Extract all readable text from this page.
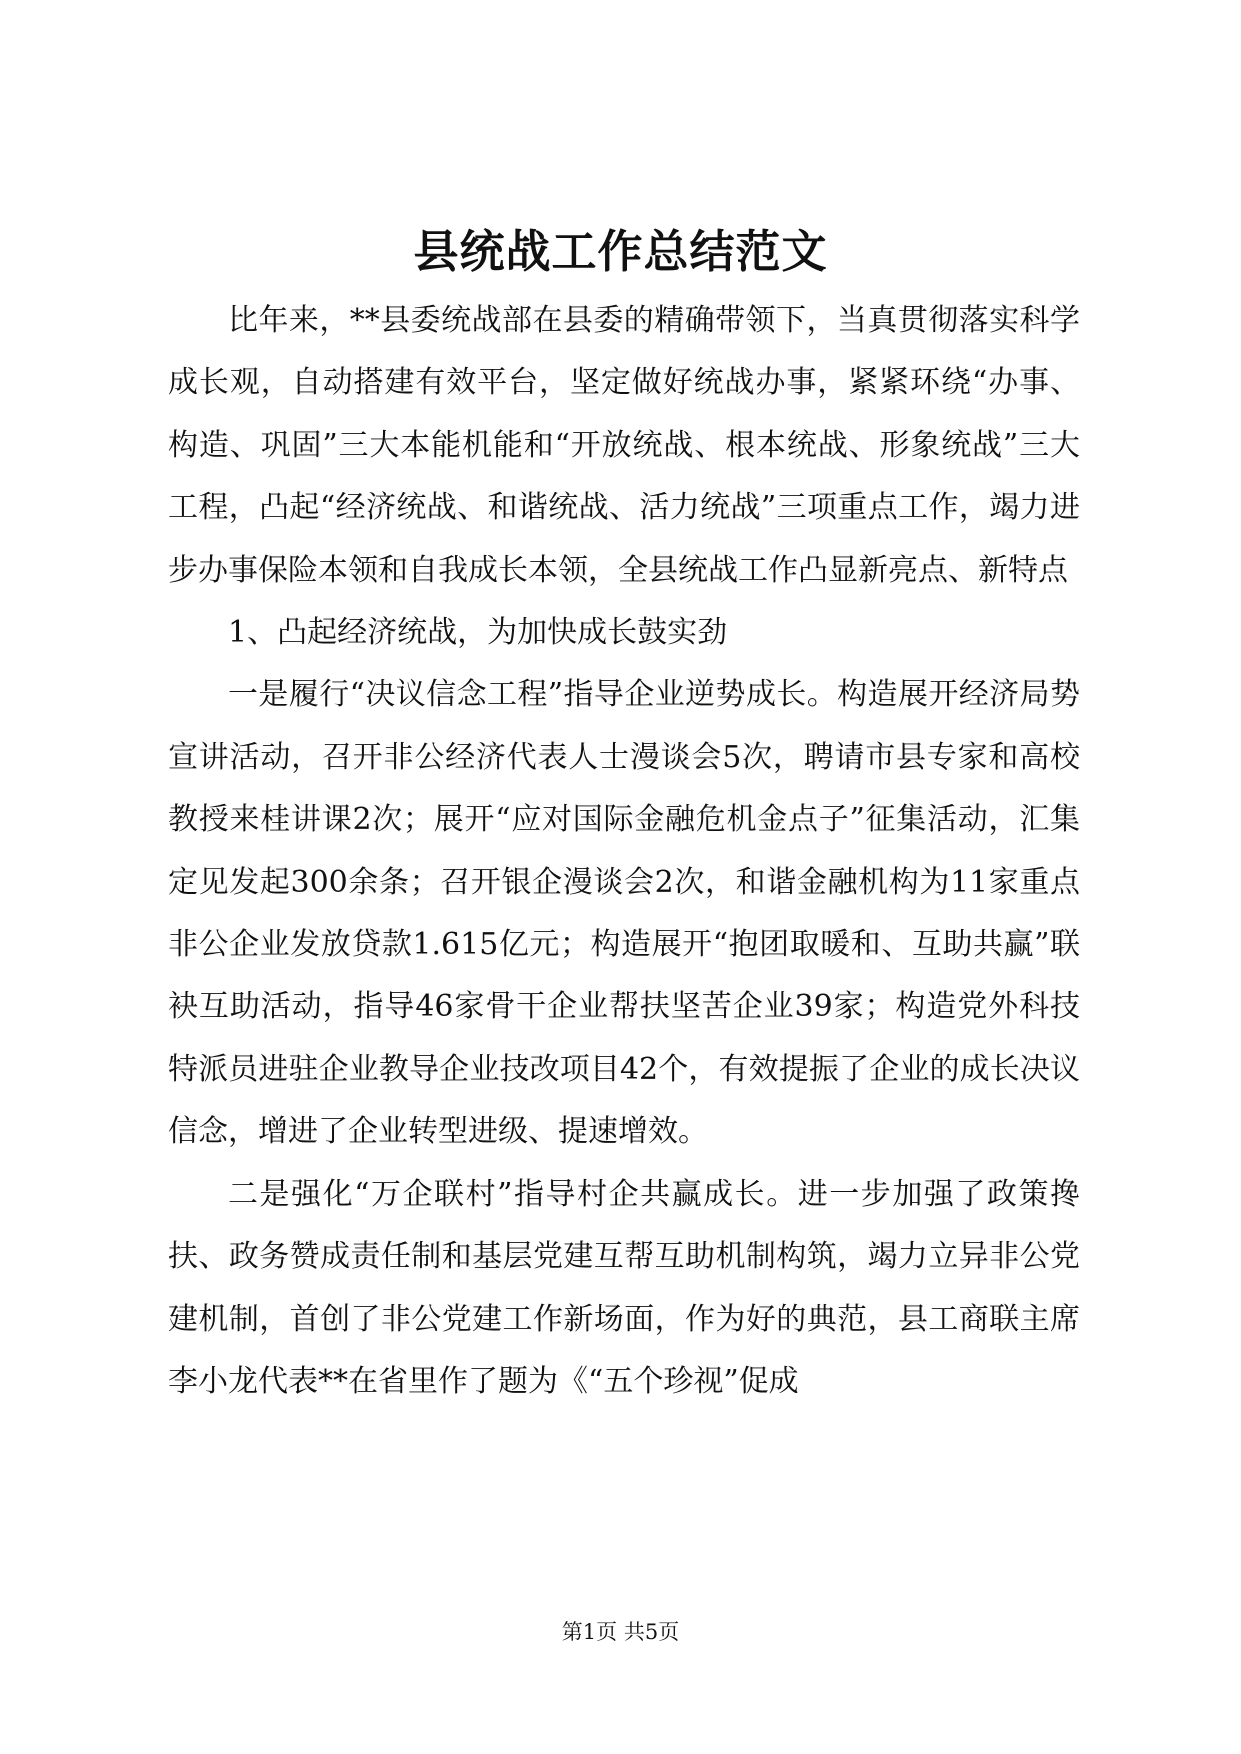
县统战工作总结范文

比年来，**县委统战部在县委的精确带领下，当真贯彻落实科学成长观，自动搭建有效平台，坚定做好统战办事，紧紧环绕“办事、构造、巩固”三大本能机能和“开放统战、根本统战、形象统战”三大工程，凸起“经济统战、和谐统战、活力统战”三项重点工作，竭力进步办事保险本领和自我成长本领，全县统战工作凸显新亮点、新特点

1、凸起经济统战，为加快成长鼓实劲

一是履行“决议信念工程”指导企业逆势成长。构造展开经济局势宣讲活动，召开非公经济代表人士漫谈会5次，聘请市县专家和高校教授来桂讲课2次；展开“应对国际金融危机金点子”征集活动，汇集定见发起300余条；召开银企漫谈会2次，和谐金融机构为11家重点非公企业发放贷款1.615亿元；构造展开“抱团取暖和、互助共赢”联袂互助活动，指导46家骨干企业帮扶坚苦企业39家；构造党外科技特派员进驻企业教导企业技改项目42个，有效提振了企业的成长决议信念，增进了企业转型进级、提速增效。

二是强化“万企联村”指导村企共赢成长。进一步加强了政策搀扶、政务赞成责任制和基层党建互帮互助机制构筑，竭力立异非公党建机制，首创了非公党建工作新场面，作为好的典范，县工商联主席李小龙代表**在省里作了题为《“五个珍视”促成

第1页 共5页
